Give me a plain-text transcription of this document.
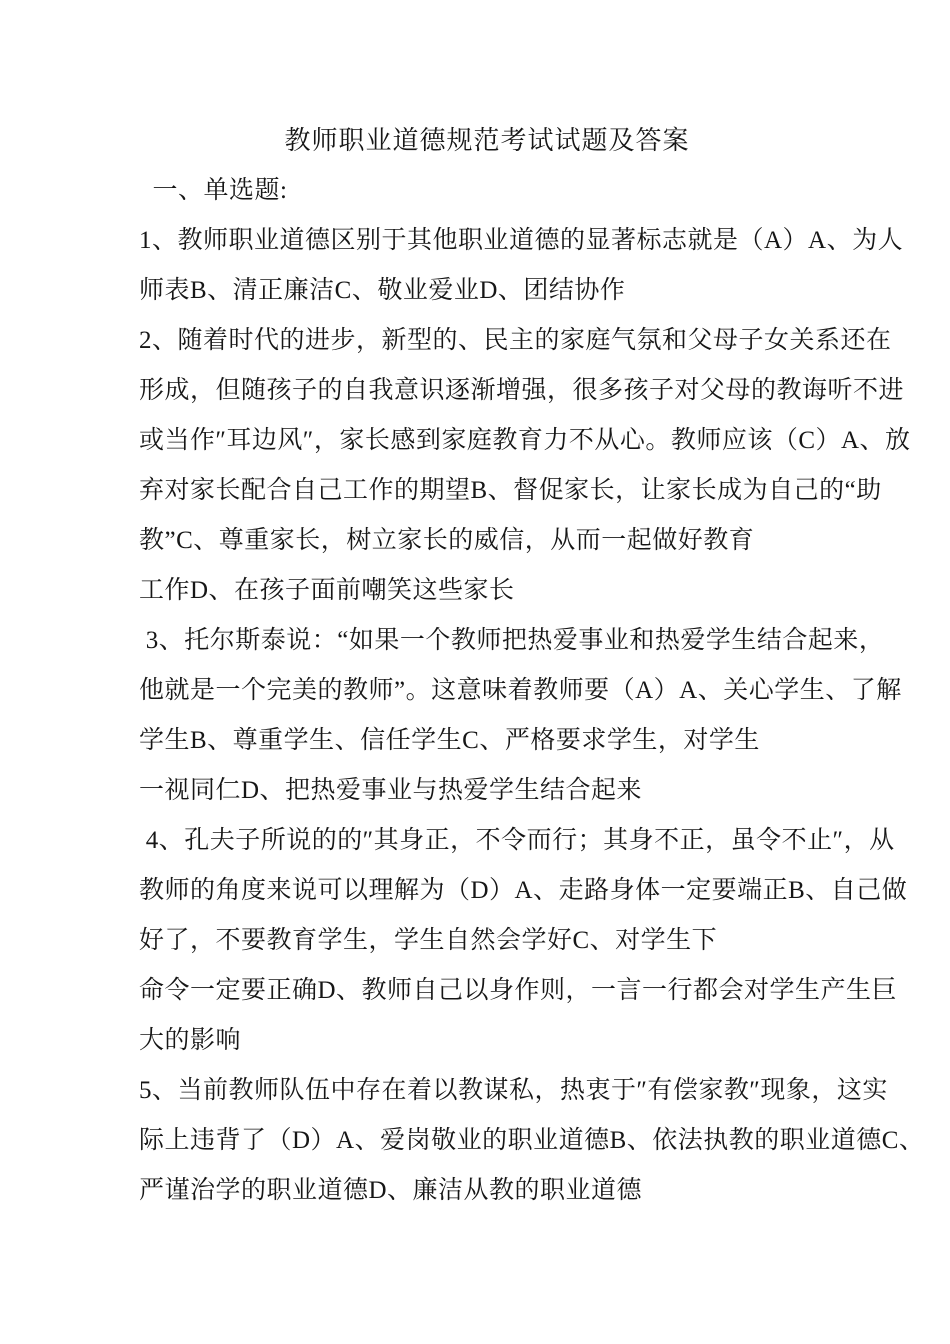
教师职业道德规范考试试题及答案
一、单选题:
1、教师职业道德区别于其他职业道德的显著标志就是（A）A、为人
师表B、清正廉洁C、敬业爱业D、团结协作
2、随着时代的进步，新型的、民主的家庭气氛和父母子女关系还在
形成，但随孩子的自我意识逐渐增强，很多孩子对父母的教诲听不进
或当作″耳边风″，家长感到家庭教育力不从心。教师应该（C）A、放
弃对家长配合自己工作的期望B、督促家长，让家长成为自己的“助
教”C、尊重家长，树立家长的威信，从而一起做好教育
工作D、在孩子面前嘲笑这些家长
3、托尔斯泰说：“如果一个教师把热爱事业和热爱学生结合起来，
他就是一个完美的教师”。这意味着教师要（A）A、关心学生、了解
学生B、尊重学生、信任学生C、严格要求学生，对学生
一视同仁D、把热爱事业与热爱学生结合起来
4、孔夫子所说的的″其身正，不令而行；其身不正，虽令不止″，从
教师的角度来说可以理解为（D）A、走路身体一定要端正B、自己做
好了，不要教育学生，学生自然会学好C、对学生下
命令一定要正确D、教师自己以身作则，一言一行都会对学生产生巨
大的影响
5、当前教师队伍中存在着以教谋私，热衷于″有偿家教″现象，这实
际上违背了（D）A、爱岗敬业的职业道德B、依法执教的职业道德C、
严谨治学的职业道德D、廉洁从教的职业道德
